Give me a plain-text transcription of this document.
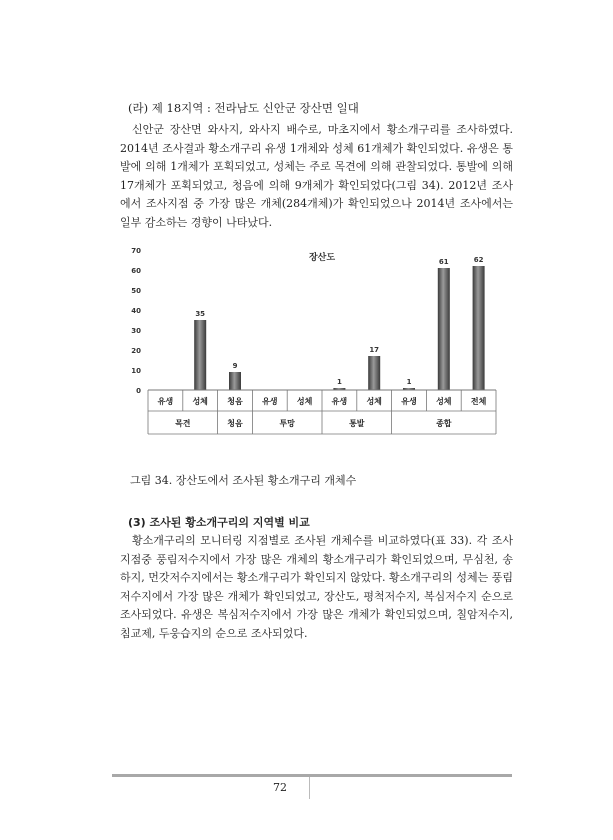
(라) 제 18지역 : 전라남도 신안군 장산면 일대
신안군 장산면 와사지, 와사지 배수로, 마초지에서 황소개구리를 조사하였다. 2014년 조사결과 황소개구리 유생 1개체와 성체 61개체가 확인되었다. 유생은 통발에 의해 1개체가 포획되었고, 성체는 주로 목견에 의해 관찰되었다. 통발에 의해 17개체가 포획되었고, 청음에 의해 9개체가 확인되었다(그림 34). 2012년 조사에서 조사지점 중 가장 많은 개체(284개체)가 확인되었으나 2014년 조사에서는 일부 감소하는 경향이 나타났다.
0
10
20
30
40
50
60
70
장산도
35
9
1
17
1
61	62
유생 성체 청음 유생 성체 유생 성체 유생 성체 전체
목견	청음	투망	통발	종합
그림 34. 장산도에서 조사된 황소개구리 개체수
(3) 조사된 황소개구리의 지역별 비교
황소개구리의 모니터링 지점별로 조사된 개체수를 비교하였다(표 33). 각 조사지점중 풍림저수지에서 가장 많은 개체의 황소개구리가 확인되었으며, 무심천, 송하지, 먼갓저수지에서는 황소개구리가 확인되지 않았다. 황소개구리의 성체는 풍림저수지에서 가장 많은 개체가 확인되었고, 장산도, 평척저수지, 복심저수지 순으로 조사되었다. 유생은 복심저수지에서 가장 많은 개체가 확인되었으며, 칠암저수지, 침교제, 두웅습지의 순으로 조사되었다.
72
